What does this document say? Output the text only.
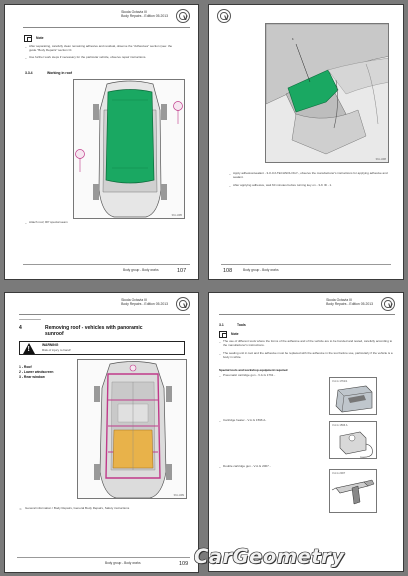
Skoda Octavia III
Body Repairs - Edition 05.2013	V
Note
– After separating, carefully clean remaining adhesive and residual, observe the "Adhesives" section (see: the guide "Body Repairs" section Cl.
– Use further work steps if necessary for the particular vehicle, observe repair instructions.
3.3.4	Working in roof
S61-1085
– Attach roof, RP special seam
Body group - Body works	107
V
1
S61-1088
– Apply adhesive/sealant - 3-K-DJ-TECHNOLOGY-, observe the manufacturer's instructions for applying adhesive and sealant.
– After applying adhesive, wait 60 minutes before turning key on - 3-K ID - 1.
108	Body group - Body works
Skoda Octavia III
Body Repairs - Edition 05.2013	V
4	Removing roof - vehicles with panoramic sunroof
!
WARNING
Risk of injury to hand!
1 - Roof
2 - Lower windscreen
3 - Rear window
S61-1089
⇒ General information / Body Repairs, General Body Repairs, Safety instructions
Body group - Body works	109
Skoda Octavia III
Body Repairs - Edition 05.2013	V
3.1	Tools
Note
– The use of different tools where the forms of the adhesive and of the vehicle are to be bonded and tested, carefully according to the manufacturer's instructions.
– The sealing unit in tool and the adhesive must be replaced with the adhesive in the tool before use, particularly if the vehicle is a body in white.
Special tools and workshop equipment required
– Pneumatic cartridge gun - V.A.G 1761 -
V.A.G 1761/1
– Cartridge heater - V.A.G 1596 A-
V.A.G 1596 A
– Double cartridge gun - V.A.G 2007 -
V.A.G 2007
CarGeometry
